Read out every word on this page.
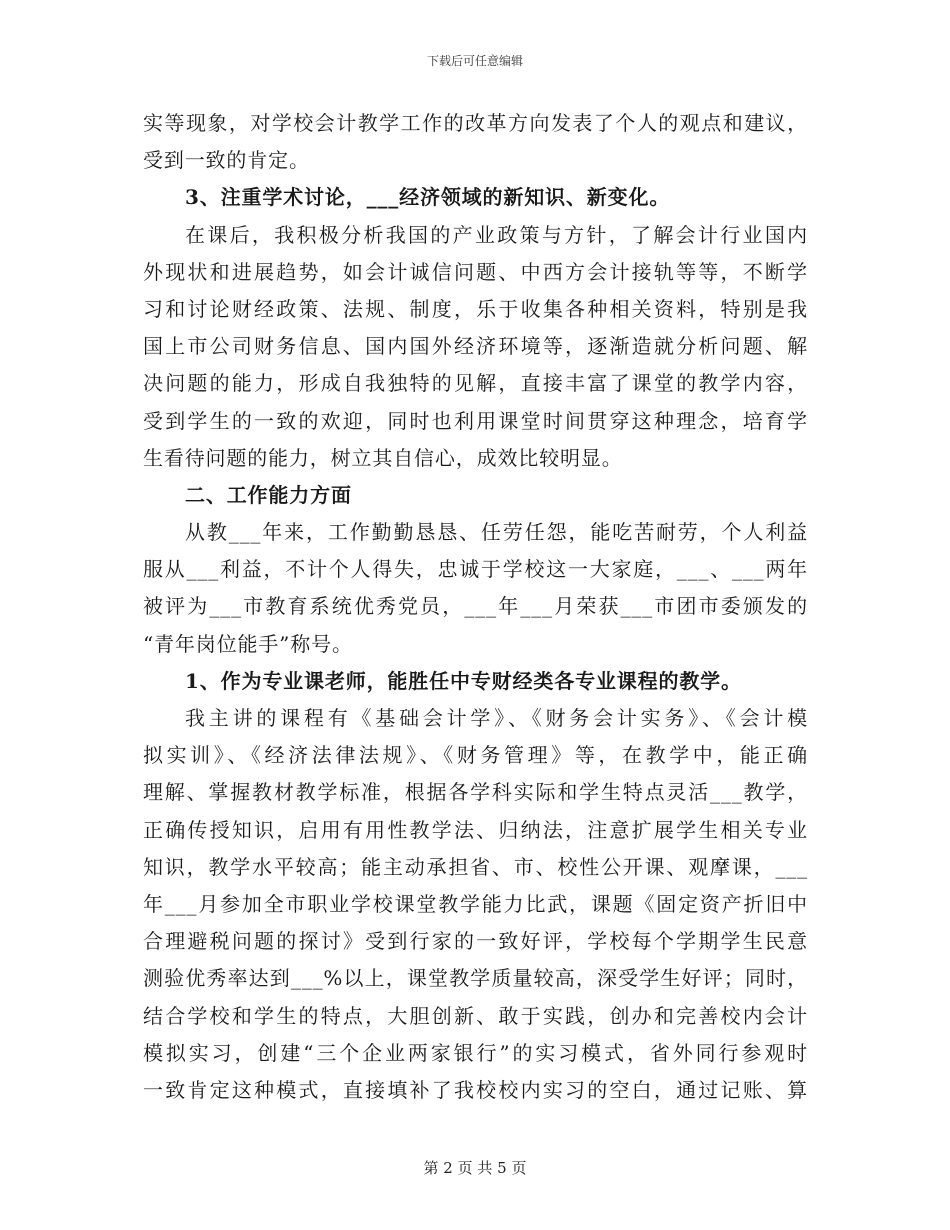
下载后可任意编辑
实等现象，对学校会计教学工作的改革方向发表了个人的观点和建议，
受到一致的肯定。
3、注重学术讨论，___经济领域的新知识、新变化。
在课后，我积极分析我国的产业政策与方针，了解会计行业国内
外现状和进展趋势，如会计诚信问题、中西方会计接轨等等，不断学
习和讨论财经政策、法规、制度，乐于收集各种相关资料，特别是我
国上市公司财务信息、国内国外经济环境等，逐渐造就分析问题、解
决问题的能力，形成自我独特的见解，直接丰富了课堂的教学内容，
受到学生的一致的欢迎，同时也利用课堂时间贯穿这种理念，培育学
生看待问题的能力，树立其自信心，成效比较明显。
二、工作能力方面
从教___年来，工作勤勤恳恳、任劳任怨，能吃苦耐劳，个人利益
服从___利益，不计个人得失，忠诚于学校这一大家庭，___、___两年
被评为___市教育系统优秀党员，___年___月荣获___市团市委颁发的
“青年岗位能手”称号。
1、作为专业课老师，能胜任中专财经类各专业课程的教学。
我主讲的课程有《基础会计学》、《财务会计实务》、《会计模
拟实训》、《经济法律法规》、《财务管理》等，在教学中，能正确
理解、掌握教材教学标准，根据各学科实际和学生特点灵活___教学，
正确传授知识，启用有用性教学法、归纳法，注意扩展学生相关专业
知识，教学水平较高；能主动承担省、市、校性公开课、观摩课，___
年___月参加全市职业学校课堂教学能力比武，课题《固定资产折旧中
合理避税问题的探讨》受到行家的一致好评，学校每个学期学生民意
测验优秀率达到___%以上，课堂教学质量较高，深受学生好评；同时，
结合学校和学生的特点，大胆创新、敢于实践，创办和完善校内会计
模拟实习，创建“三个企业两家银行”的实习模式，省外同行参观时
一致肯定这种模式，直接填补了我校校内实习的空白，通过记账、算
第 2 页 共 5 页
